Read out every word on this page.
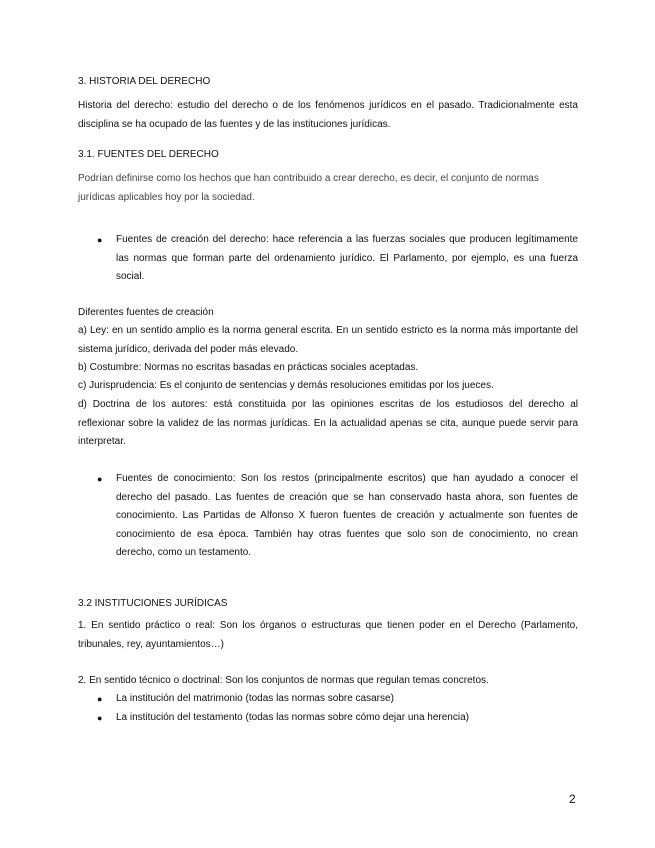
3. HISTORIA DEL DERECHO
Historia del derecho: estudio del derecho o de los fenómenos jurídicos en el pasado. Tradicionalmente esta disciplina se ha ocupado de las fuentes y de las instituciones jurídicas.
3.1. FUENTES DEL DERECHO
Podrían definirse como los hechos que han contribuido a crear derecho, es decir, el conjunto de normas jurídicas aplicables hoy por la sociedad.
●	Fuentes de creación del derecho: hace referencia a las fuerzas sociales que producen legítimamente las normas que forman parte del ordenamiento jurídico. El Parlamento, por ejemplo, es una fuerza social.
Diferentes fuentes de creación
a) Ley: en un sentido amplio es la norma general escrita. En un sentido estricto es la norma más importante del sistema jurídico, derivada del poder más elevado.
b) Costumbre: Normas no escritas basadas en prácticas sociales aceptadas.
c) Jurisprudencia: Es el conjunto de sentencias y demás resoluciones emitidas por los jueces.
d) Doctrina de los autores: está constituida por las opiniones escritas de los estudiosos del derecho al reflexionar sobre la validez de las normas jurídicas. En la actualidad apenas se cita, aunque puede servir para interpretar.
●	Fuentes de conocimiento: Son los restos (principalmente escritos) que han ayudado a conocer el derecho del pasado. Las fuentes de creación que se han conservado hasta ahora, son fuentes de conocimiento. Las Partidas de Alfonso X fueron fuentes de creación y actualmente son fuentes de conocimiento de esa época. También hay otras fuentes que solo son de conocimiento, no crean derecho, como un testamento.
3.2 INSTITUCIONES JURÍDICAS
1. En sentido práctico o real: Son los órganos o estructuras que tienen poder en el Derecho (Parlamento, tribunales, rey, ayuntamientos…)
2. En sentido técnico o doctrinal: Son los conjuntos de normas que regulan temas concretos.
●	La institución del matrimonio (todas las normas sobre casarse)
●	La institución del testamento (todas las normas sobre cómo dejar una herencia)
2
